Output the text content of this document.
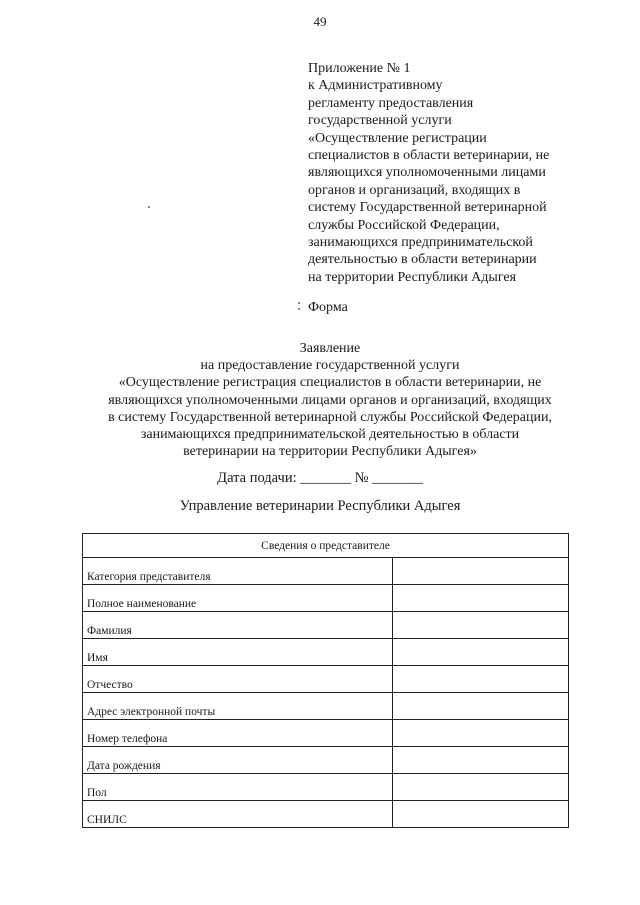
49
Приложение № 1
к Административному
регламенту предоставления
государственной услуги
«Осуществление регистрации
специалистов в области ветеринарии, не
являющихся уполномоченными лицами
органов и организаций, входящих в
систему Государственной ветеринарной
службы Российской Федерации,
занимающихся предпринимательской
деятельностью в области ветеринарии
на территории Республики Адыгея
Форма
Заявление
на предоставление государственной услуги
«Осуществление регистрация специалистов в области ветеринарии, не
являющихся уполномоченными лицами органов и организаций, входящих
в систему Государственной ветеринарной службы Российской Федерации,
занимающихся предпринимательской деятельностью в области
ветеринарии на территории Республики Адыгея»
Дата подачи: _______ № _______
Управление ветеринарии Республики Адыгея
Сведения о представителе	
Категория представителя	
Полное наименование	
Фамилия	
Имя	
Отчество	
Адрес электронной почты	
Номер телефона	
Дата рождения	
Пол	
СНИЛС	
